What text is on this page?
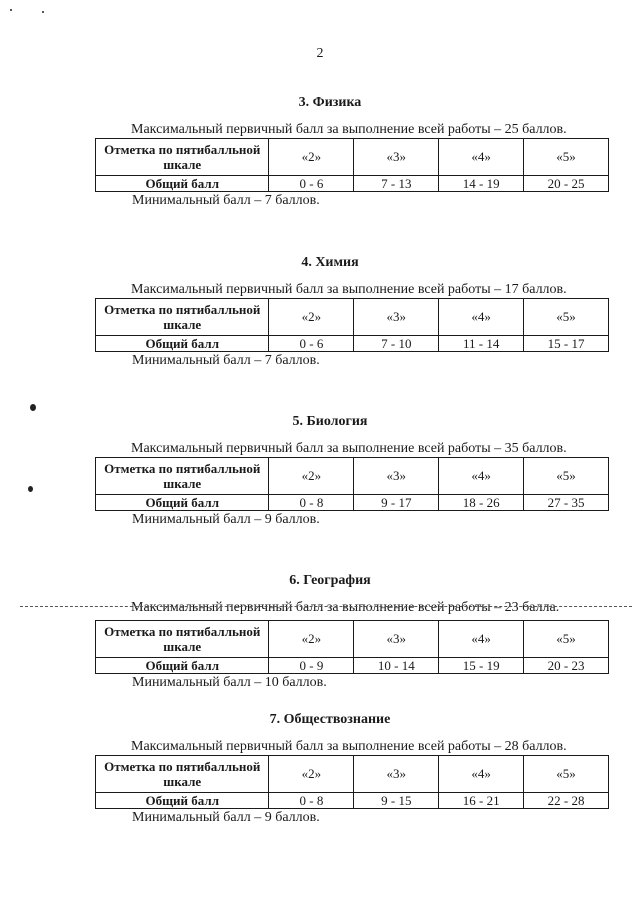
2
3. Физика
Максимальный первичный балл за выполнение всей работы – 25 баллов.
Отметка по пятибалльной шкале	«2»	«3»	«4»	«5»
Общий балл	0 - 6	7 - 13	14 - 19	20 - 25
Минимальный балл – 7 баллов.
4. Химия
Максимальный первичный балл за выполнение всей работы – 17 баллов.
Отметка по пятибалльной шкале	«2»	«3»	«4»	«5»
Общий балл	0 - 6	7 - 10	11 - 14	15 - 17
Минимальный балл – 7 баллов.
5. Биология
Максимальный первичный балл за выполнение всей работы – 35 баллов.
Отметка по пятибалльной шкале	«2»	«3»	«4»	«5»
Общий балл	0 - 8	9 - 17	18 - 26	27 - 35
Минимальный балл – 9 баллов.
6. География
Максимальный первичный балл за выполнение всей работы – 23 балла.
Отметка по пятибалльной шкале	«2»	«3»	«4»	«5»
Общий балл	0 - 9	10 - 14	15 - 19	20 - 23
Минимальный балл – 10 баллов.
7. Обществознание
Максимальный первичный балл за выполнение всей работы – 28 баллов.
Отметка по пятибалльной шкале	«2»	«3»	«4»	«5»
Общий балл	0 - 8	9 - 15	16 - 21	22 - 28
Минимальный балл – 9 баллов.
